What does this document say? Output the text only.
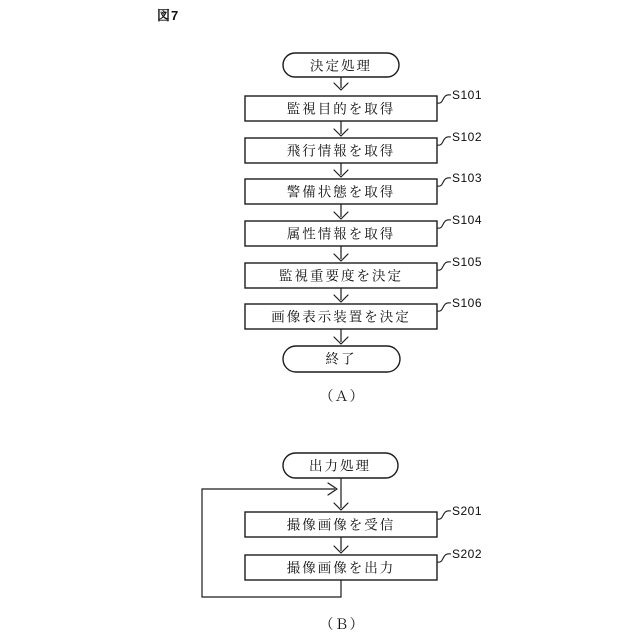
図7
決定処理
監視目的を取得
S101
飛行情報を取得
S102
警備状態を取得
S103
属性情報を取得
S104
監視重要度を決定
S105
画像表示装置を決定
S106
終了
（Ａ）
出力処理
撮像画像を受信
S201
撮像画像を出力
S202
（Ｂ）
